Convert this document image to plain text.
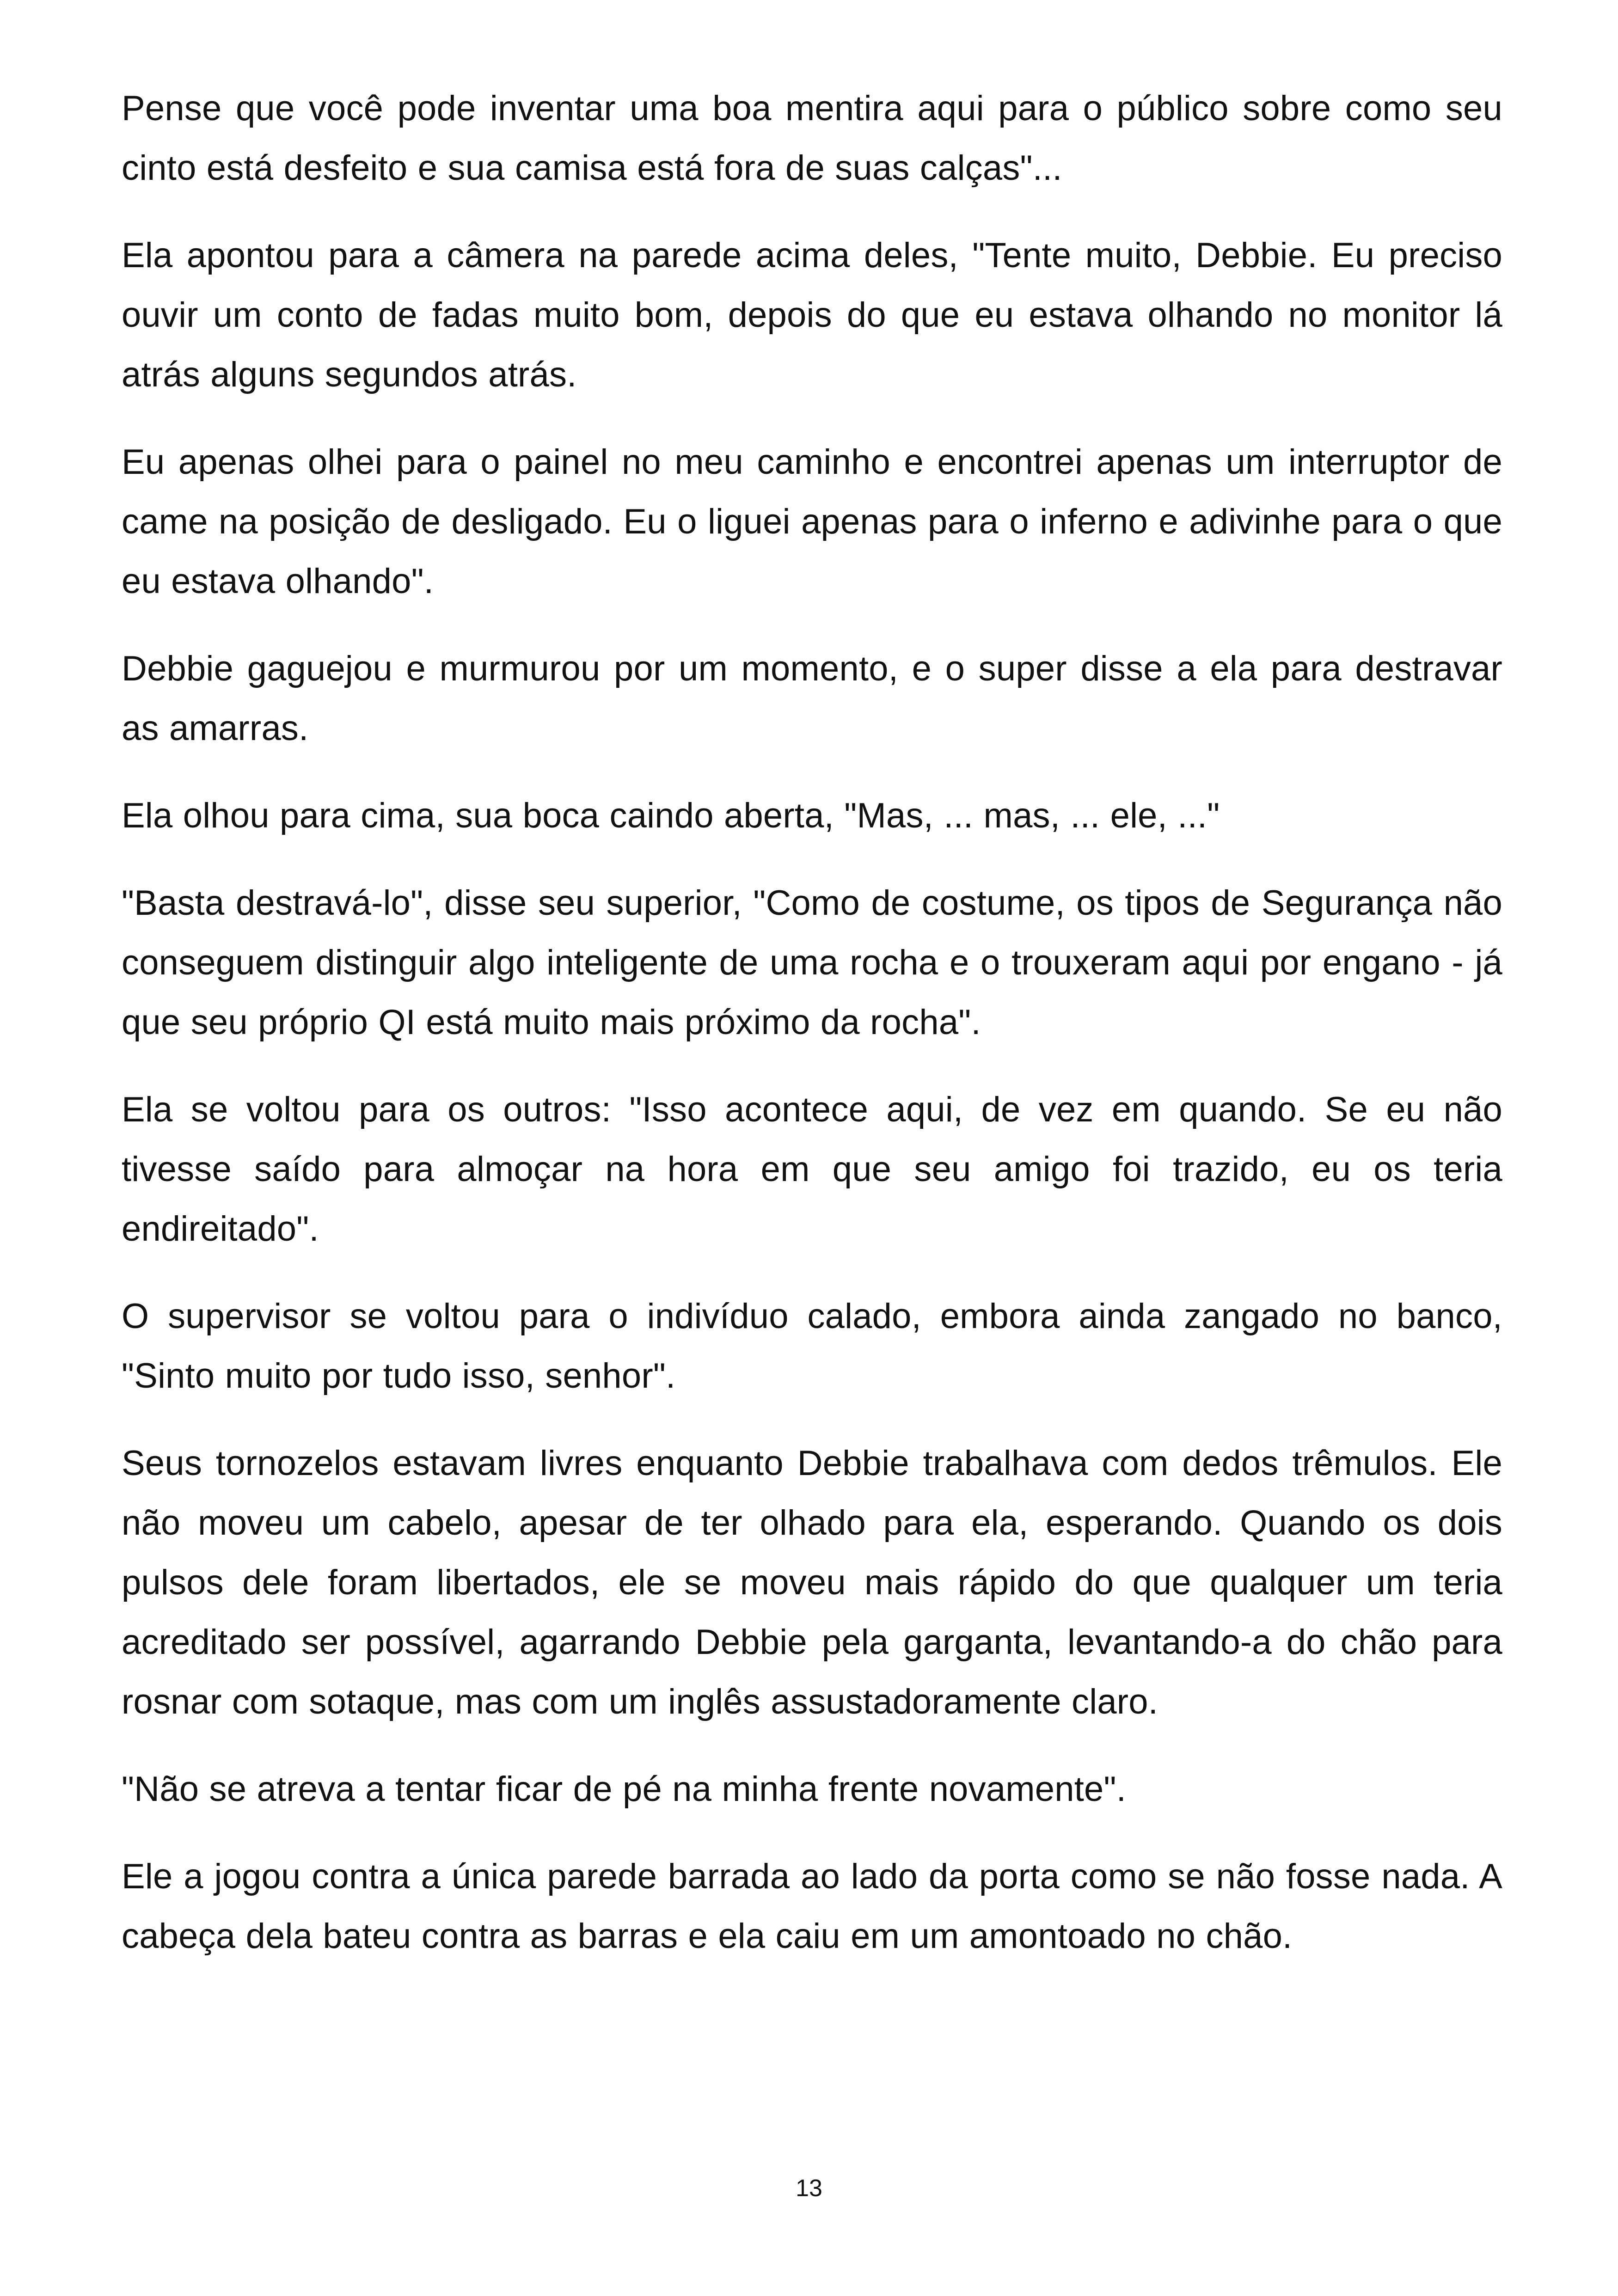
Pense que você pode inventar uma boa mentira aqui para o público sobre como seu cinto está desfeito e sua camisa está fora de suas calças"...

Ela apontou para a câmera na parede acima deles, "Tente muito, Debbie. Eu preciso ouvir um conto de fadas muito bom, depois do que eu estava olhando no monitor lá atrás alguns segundos atrás.

Eu apenas olhei para o painel no meu caminho e encontrei apenas um interruptor de came na posição de desligado. Eu o liguei apenas para o inferno e adivinhe para o que eu estava olhando".

Debbie gaguejou e murmurou por um momento, e o super disse a ela para destravar as amarras.

Ela olhou para cima, sua boca caindo aberta, "Mas, ... mas, ... ele, ..."

"Basta destravá-lo", disse seu superior, "Como de costume, os tipos de Segurança não conseguem distinguir algo inteligente de uma rocha e o trouxeram aqui por engano - já que seu próprio QI está muito mais próximo da rocha".

Ela se voltou para os outros: "Isso acontece aqui, de vez em quando. Se eu não tivesse saído para almoçar na hora em que seu amigo foi trazido, eu os teria endireitado".

O supervisor se voltou para o indivíduo calado, embora ainda zangado no banco, "Sinto muito por tudo isso, senhor".

Seus tornozelos estavam livres enquanto Debbie trabalhava com dedos trêmulos. Ele não moveu um cabelo, apesar de ter olhado para ela, esperando. Quando os dois pulsos dele foram libertados, ele se moveu mais rápido do que qualquer um teria acreditado ser possível, agarrando Debbie pela garganta, levantando-a do chão para rosnar com sotaque, mas com um inglês assustadoramente claro.

"Não se atreva a tentar ficar de pé na minha frente novamente".

Ele a jogou contra a única parede barrada ao lado da porta como se não fosse nada. A cabeça dela bateu contra as barras e ela caiu em um amontoado no chão.

13
